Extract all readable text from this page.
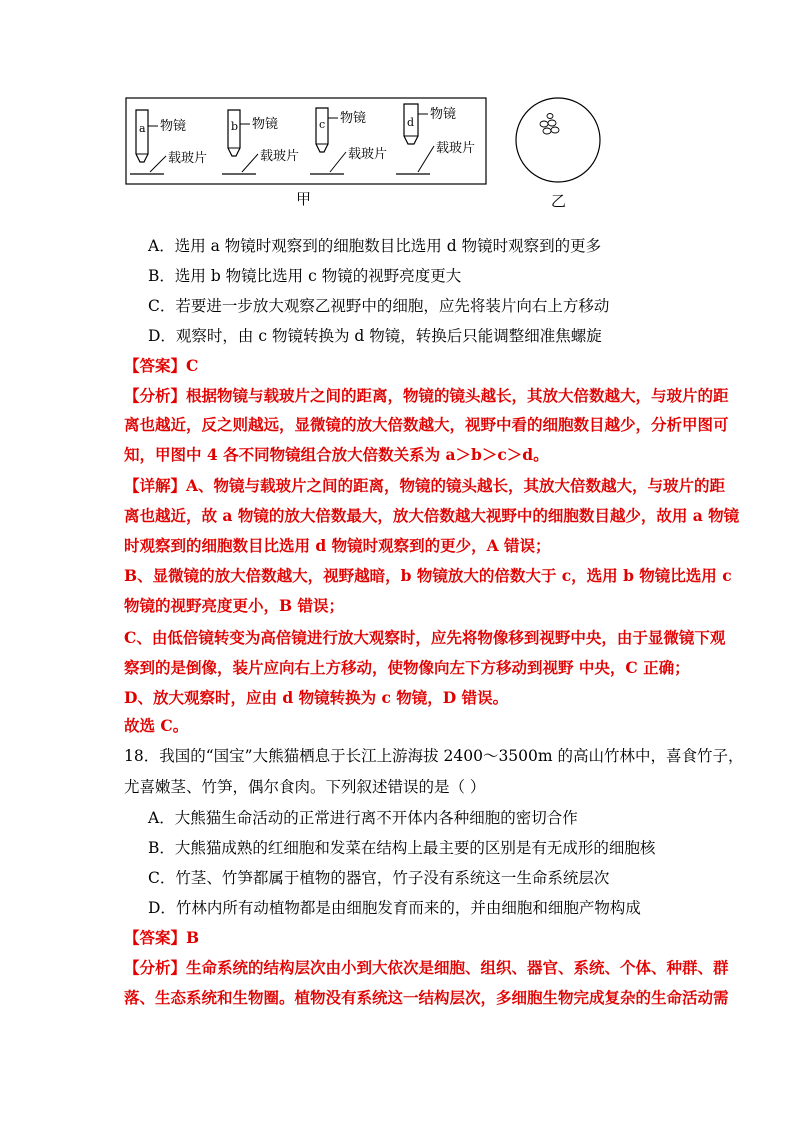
a 物镜
载玻片
b 物镜
载玻片
c 物镜
载玻片
d
物镜
载玻片
甲	乙
A．选用 a 物镜时观察到的细胞数目比选用 d 物镜时观察到的更多
B．选用 b 物镜比选用 c 物镜的视野亮度更大
C．若要进一步放大观察乙视野中的细胞，应先将装片向右上方移动
D．观察时，由 c 物镜转换为 d 物镜，转换后只能调整细准焦螺旋
【答案】C
【分析】根据物镜与载玻片之间的距离，物镜的镜头越长，其放大倍数越大，与玻片的距
离也越近，反之则越远，显微镜的放大倍数越大，视野中看的细胞数目越少，分析甲图可
知，甲图中 4 各不同物镜组合放大倍数关系为 a＞b＞c＞d。
【详解】A、物镜与载玻片之间的距离，物镜的镜头越长，其放大倍数越大，与玻片的距
离也越近，故 a 物镜的放大倍数最大，放大倍数越大视野中的细胞数目越少，故用 a 物镜
时观察到的细胞数目比选用 d 物镜时观察到的更少，A 错误；
B、显微镜的放大倍数越大，视野越暗，b 物镜放大的倍数大于 c，选用 b 物镜比选用 c
物镜的视野亮度更小，B 错误；
C、由低倍镜转变为高倍镜进行放大观察时，应先将物像移到视野中央，由于显微镜下观
察到的是倒像，装片应向右上方移动，使物像向左下方移动到视野 中央，C 正确；
D、放大观察时，应由 d 物镜转换为 c 物镜，D 错误。
故选 C。
18．我国的“国宝”大熊猫栖息于长江上游海拔 2400～3500m 的高山竹林中，喜食竹子，
尤喜嫩茎、竹笋，偶尔食肉。下列叙述错误的是（ ）
A．大熊猫生命活动的正常进行离不开体内各种细胞的密切合作
B．大熊猫成熟的红细胞和发菜在结构上最主要的区别是有无成形的细胞核
C．竹茎、竹笋都属于植物的器官，竹子没有系统这一生命系统层次
D．竹林内所有动植物都是由细胞发育而来的，并由细胞和细胞产物构成
【答案】B
【分析】生命系统的结构层次由小到大依次是细胞、组织、器官、系统、个体、种群、群
落、生态系统和生物圈。植物没有系统这一结构层次，多细胞生物完成复杂的生命活动需
